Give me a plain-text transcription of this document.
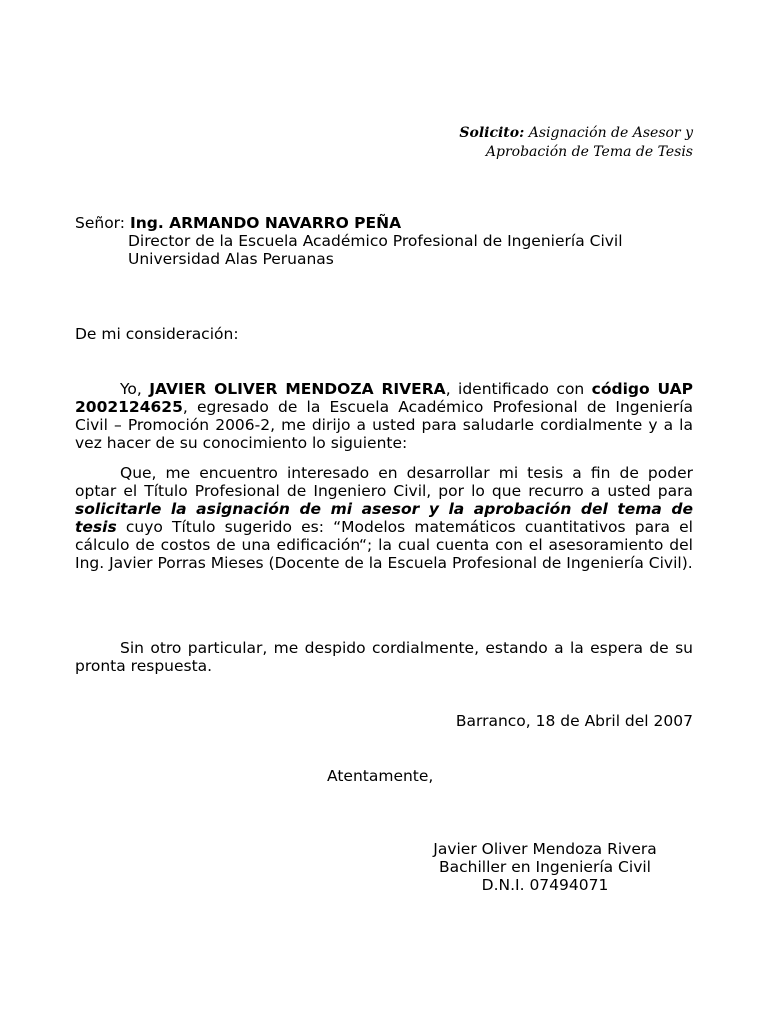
Solicito: Asignación de Asesor y
Aprobación de Tema de Tesis
Señor: Ing. ARMANDO NAVARRO PEÑA
Director de la Escuela Académico Profesional de Ingeniería Civil
Universidad Alas Peruanas
De mi consideración:
Yo, JAVIER OLIVER MENDOZA RIVERA, identificado con código UAP 2002124625, egresado de la Escuela Académico Profesional de Ingeniería Civil – Promoción 2006-2, me dirijo a usted para saludarle cordialmente y a la vez hacer de su conocimiento lo siguiente:
Que, me encuentro interesado en desarrollar mi tesis a fin de poder optar el Título Profesional de Ingeniero Civil, por lo que recurro a usted para solicitarle la asignación de mi asesor y la aprobación del tema de tesis cuyo Título sugerido es: “Modelos matemáticos cuantitativos para el cálculo de costos de una edificación“; la cual cuenta con el asesoramiento del Ing. Javier Porras Mieses (Docente de la Escuela Profesional de Ingeniería Civil).
Sin otro particular, me despido cordialmente, estando a la espera de su pronta respuesta.
Barranco, 18 de Abril del 2007
Atentamente,
Javier Oliver Mendoza Rivera
Bachiller en Ingeniería Civil
D.N.I. 07494071
